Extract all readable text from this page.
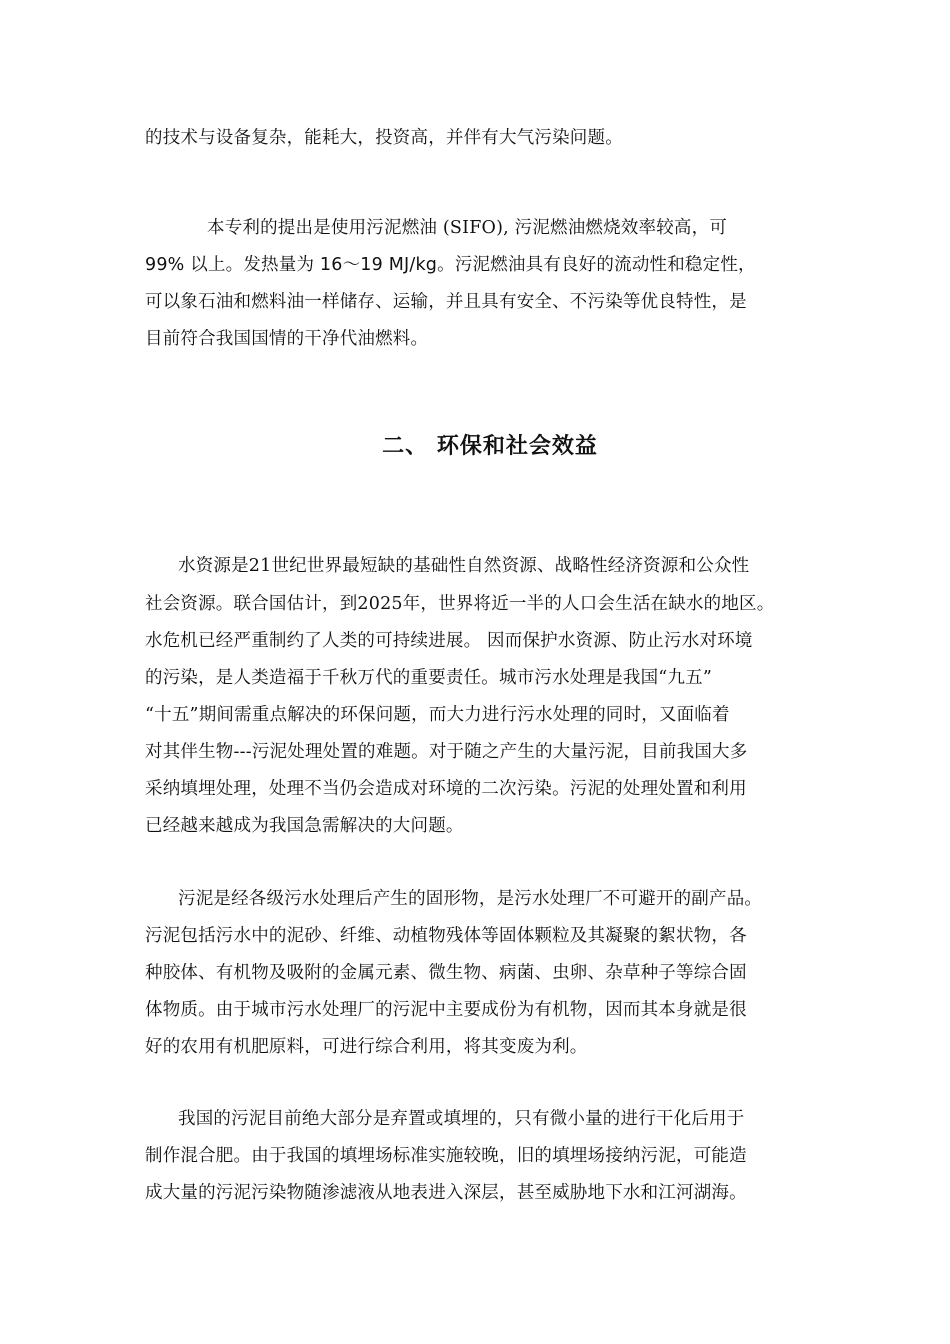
的技术与设备复杂，能耗大，投资高，并伴有大气污染问题。
本专利的提出是使用污泥燃油 (SIFO), 污泥燃油燃烧效率较高，可
99% 以上。发热量为 16～19 MJ/kg。污泥燃油具有良好的流动性和稳定性，
可以象石油和燃料油一样储存、运输，并且具有安全、不污染等优良特性，是
目前符合我国国情的干净代油燃料。
二、 环保和社会效益
水资源是21世纪世界最短缺的基础性自然资源、战略性经济资源和公众性
社会资源。联合国估计，到2025年，世界将近一半的人口会生活在缺水的地区。
水危机已经严重制约了人类的可持续进展。 因而保护水资源、防止污水对环境
的污染，是人类造福于千秋万代的重要责任。城市污水处理是我国“九五”
“十五”期间需重点解决的环保问题，而大力进行污水处理的同时，又面临着
对其伴生物---污泥处理处置的难题。对于随之产生的大量污泥，目前我国大多
采纳填埋处理，处理不当仍会造成对环境的二次污染。污泥的处理处置和利用
已经越来越成为我国急需解决的大问题。
污泥是经各级污水处理后产生的固形物，是污水处理厂不可避开的副产品。
污泥包括污水中的泥砂、纤维、动植物残体等固体颗粒及其凝聚的絮状物，各
种胶体、有机物及吸附的金属元素、微生物、病菌、虫卵、杂草种子等综合固
体物质。由于城市污水处理厂的污泥中主要成份为有机物，因而其本身就是很
好的农用有机肥原料，可进行综合利用，将其变废为利。
我国的污泥目前绝大部分是弃置或填埋的，只有微小量的进行干化后用于
制作混合肥。由于我国的填埋场标准实施较晚，旧的填埋场接纳污泥，可能造
成大量的污泥污染物随渗滤液从地表进入深层，甚至威胁地下水和江河湖海。
